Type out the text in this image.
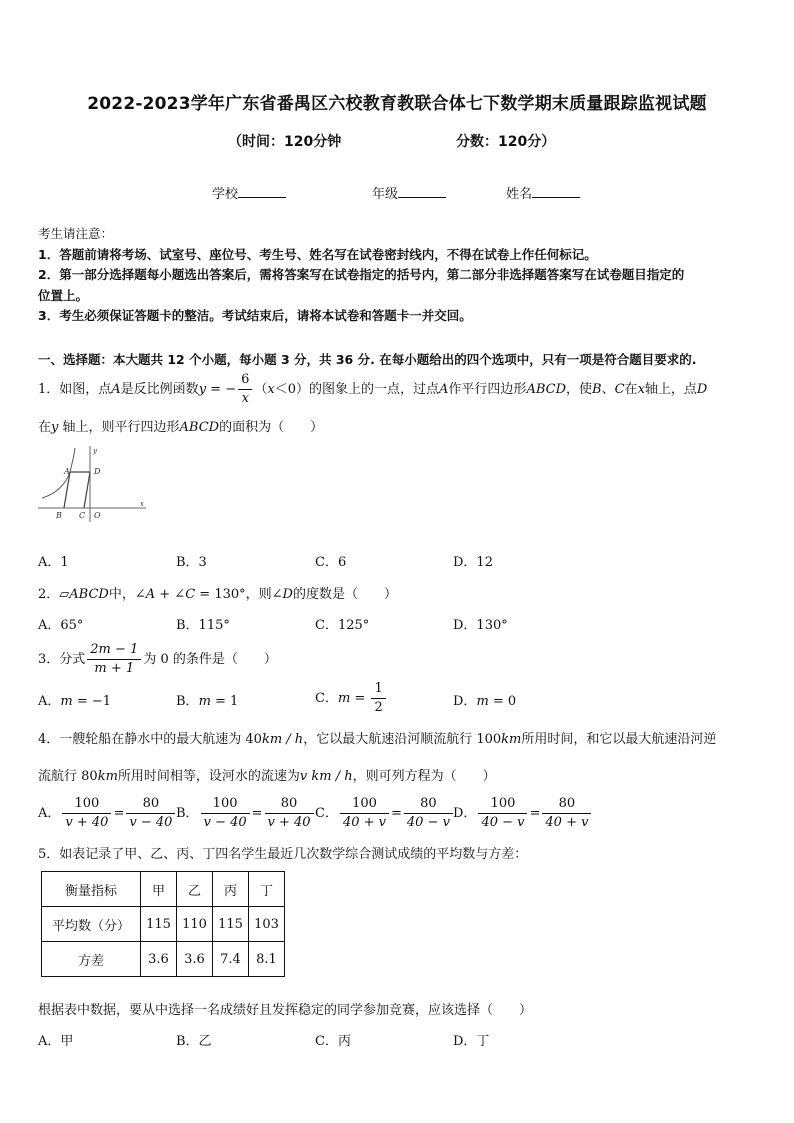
2022-2023学年广东省番禺区六校教育教联合体七下数学期末质量跟踪监视试题
（时间：120分钟	分数：120分）
学校	年级	姓名
考生请注意：
1．答题前请将考场、试室号、座位号、考生号、姓名写在试卷密封线内，不得在试卷上作任何标记。
2．第一部分选择题每小题选出答案后，需将答案写在试卷指定的括号内，第二部分非选择题答案写在试卷题目指定的
位置上。
3．考生必须保证答题卡的整洁。考试结束后，请将本试卷和答题卡一并交回。
一、选择题：本大题共 12 个小题，每小题 3 分，共 36 分. 在每小题给出的四个选项中，只有一项是符合题目要求的.
1．如图，点A是反比例函数y = − $\frac{6}{x} (x<0)$的图象上的一点，过点A作平行四边形ABCD，使B、C在x轴上，点D
在y 轴上，则平行四边形ABCD的面积为（　　）
A	D
B C O
x
y
A．1	B．3	C．6	D．12
2．▱ABCD中，∠A + ∠C = 130°，则∠D的度数是（　　）
A．65°	B．115°	C．125°	D．130°
3．分式 $\frac{2m - 1}{m + 1}$ 为 0 的条件是（　　）
A．m = −1	B．m = 1	C．$m = \frac{1}{2}$	D．m = 0
4．一艘轮船在静水中的最大航速为 40km / h，它以最大航速沿河顺流航行 100km所用时间，和它以最大航速沿河逆
流航行 80km所用时间相等，设河水的流速为v km / h，则可列方程为（　　）
A． $\frac{100}{v + 40} = \frac{80}{v - 40}$ B． $\frac{100}{v - 40} = \frac{80}{v + 40}$ C． $\frac{100}{40 + v} = \frac{80}{40 - v}$ D． $\frac{100}{40 - v} = \frac{80}{40 + v}$
5．如表记录了甲、乙、丙、丁四名学生最近几次数学综合测试成绩的平均数与方差：
衡量指标	甲	乙	丙	丁
平均数（分）	115	110	115	103
方差	3.6	3.6	7.4	8.1
根据表中数据，要从中选择一名成绩好且发挥稳定的同学参加竞赛，应该选择（　　）
A．甲	B．乙	C．丙	D．丁
